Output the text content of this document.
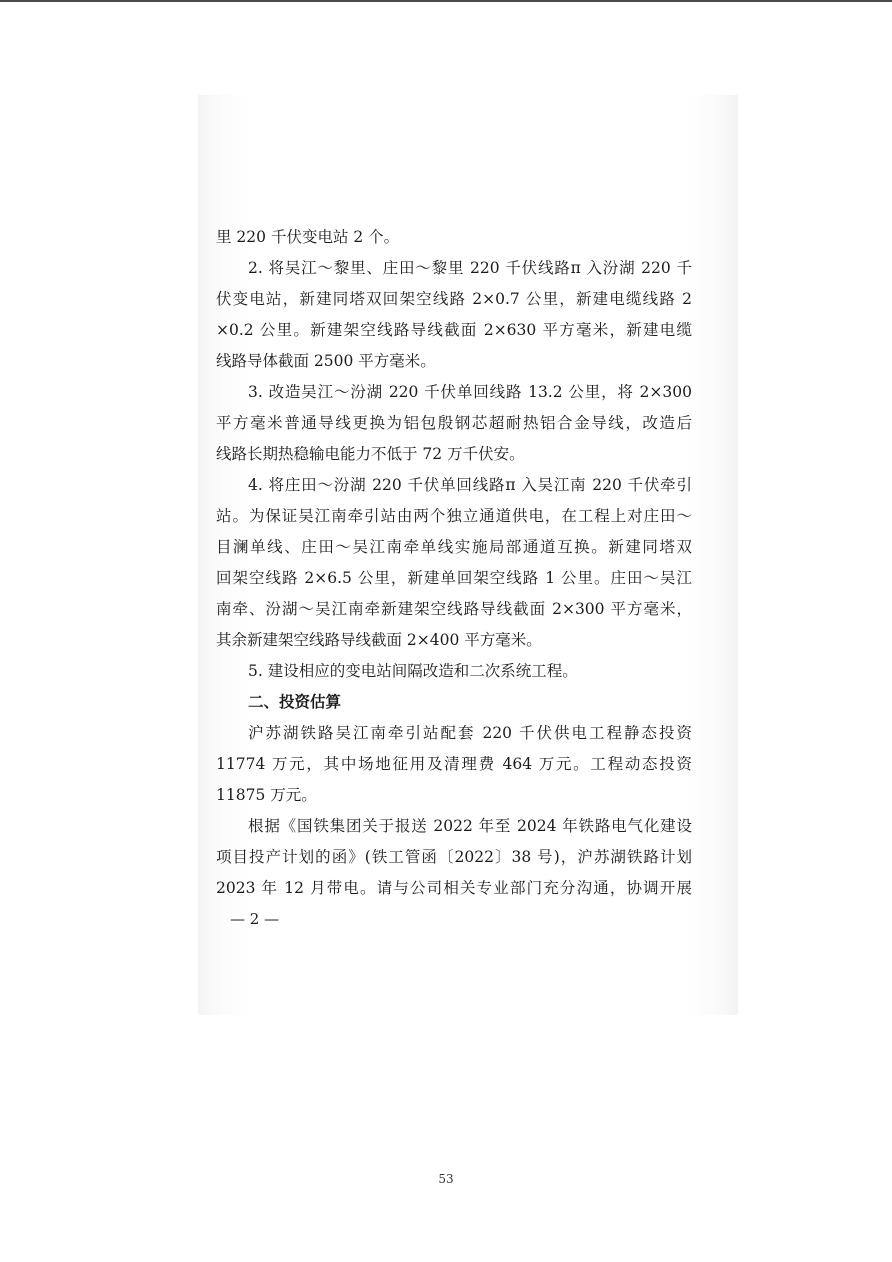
里 220 千伏变电站 2 个。
2. 将吴江～黎里、庄田～黎里 220 千伏线路π 入汾湖 220 千
伏变电站，新建同塔双回架空线路 2×0.7 公里，新建电缆线路 2
×0.2 公里。新建架空线路导线截面 2×630 平方毫米，新建电缆
线路导体截面 2500 平方毫米。
3. 改造吴江～汾湖 220 千伏单回线路 13.2 公里，将 2×300
平方毫米普通导线更换为铝包殷钢芯超耐热铝合金导线，改造后
线路长期热稳输电能力不低于 72 万千伏安。
4. 将庄田～汾湖 220 千伏单回线路π 入吴江南 220 千伏牵引
站。为保证吴江南牵引站由两个独立通道供电，在工程上对庄田～
目澜单线、庄田～吴江南牵单线实施局部通道互换。新建同塔双
回架空线路 2×6.5 公里，新建单回架空线路 1 公里。庄田～吴江
南牵、汾湖～吴江南牵新建架空线路导线截面 2×300 平方毫米，
其余新建架空线路导线截面 2×400 平方毫米。
5. 建设相应的变电站间隔改造和二次系统工程。
二、投资估算
沪苏湖铁路吴江南牵引站配套 220 千伏供电工程静态投资
11774 万元，其中场地征用及清理费 464 万元。工程动态投资
11875 万元。
根据《国铁集团关于报送 2022 年至 2024 年铁路电气化建设
项目投产计划的函》(铁工管函〔2022〕38 号)，沪苏湖铁路计划
2023 年 12 月带电。请与公司相关专业部门充分沟通，协调开展
— 2 —
53
